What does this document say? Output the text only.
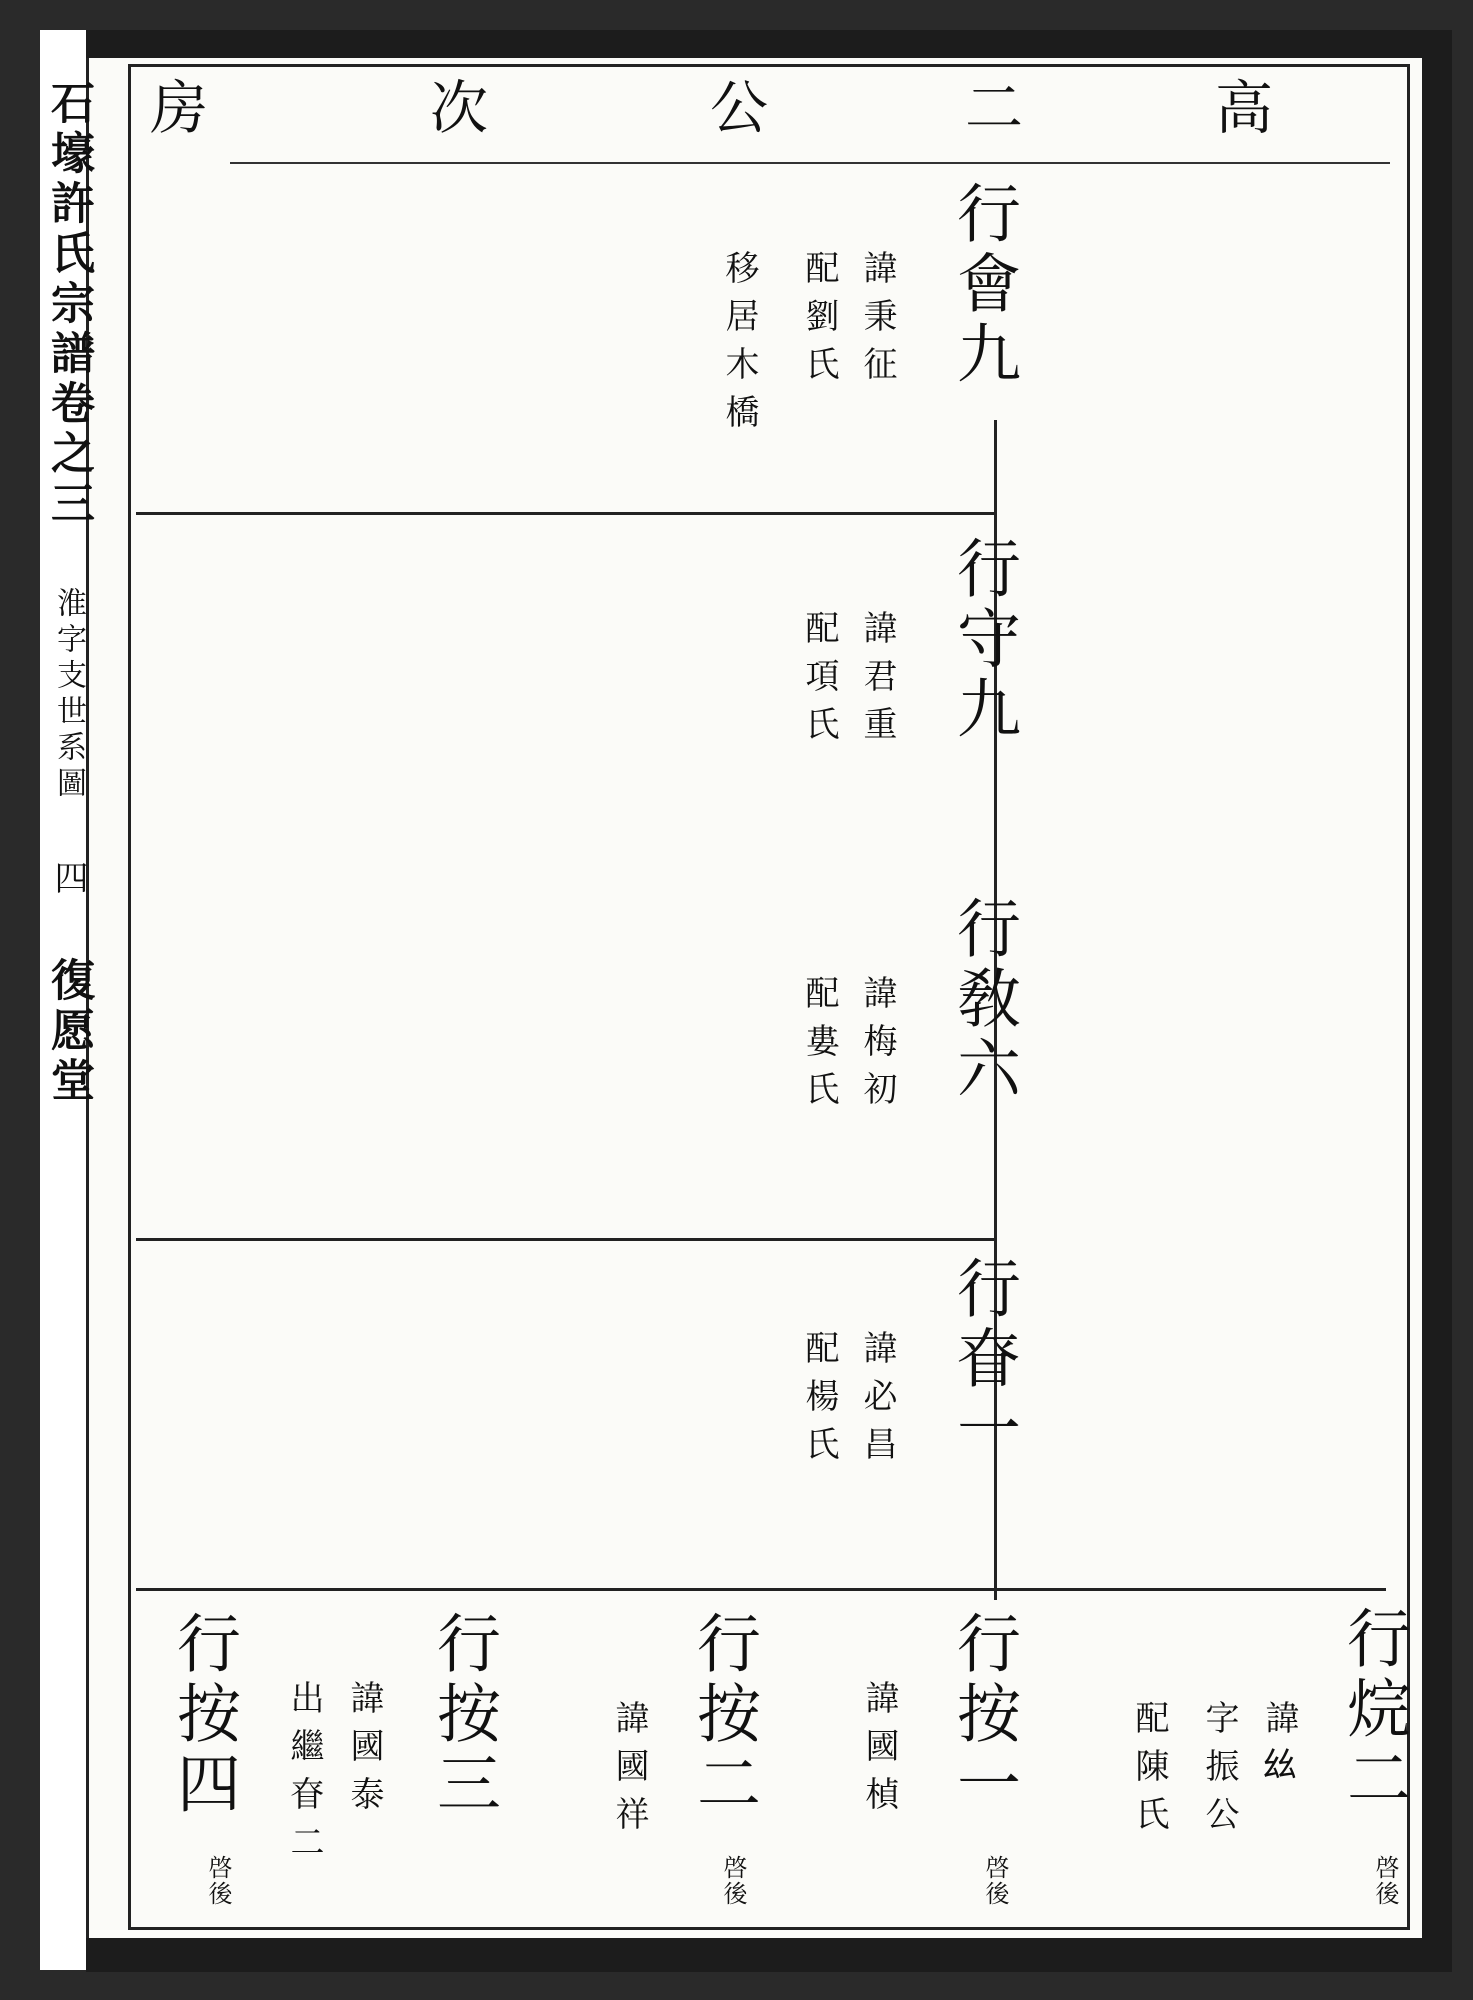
石壕許氏宗譜卷之三 淮字支世系圖 四 復愿堂
高
二
公
次
房
行會九
諱秉征
配劉氏
移居木橋
行守九
諱君重
配項氏
行敎六
諱梅初
配婁氏
行眘一
諱必昌
配楊氏
行烷二
啓後
諱𢆶
字振公
配陳氏
行按一
啓後
諱國楨
行按二
啓後
諱國祥
行按三
諱國泰
出繼眘二
行按四
啓後
